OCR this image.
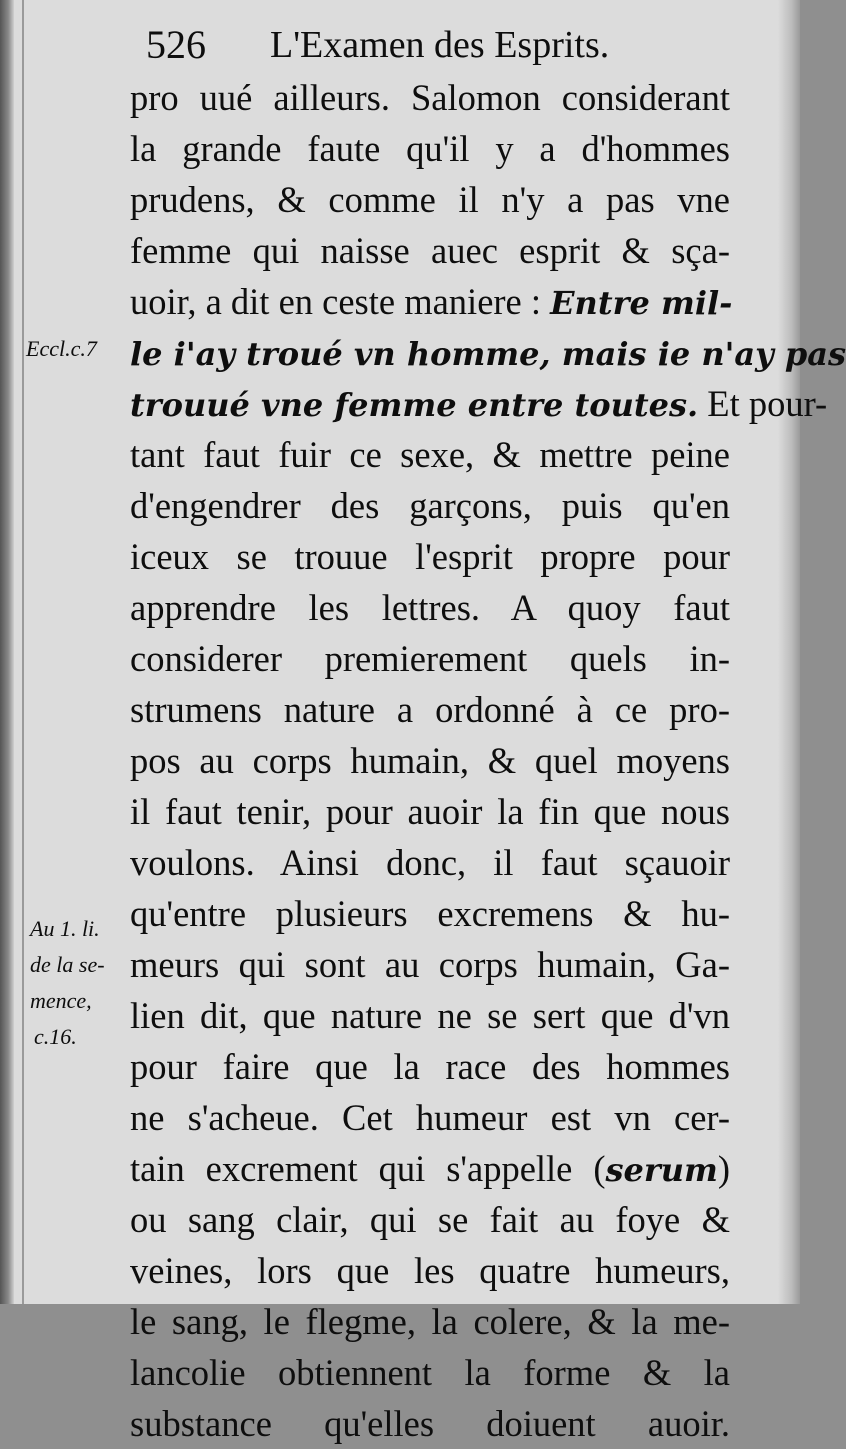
526 L'Examen des Esprits.
pro uué ailleurs. Salomon considerant
la grande faute qu'il y a d'hommes
prudens, & comme il n'y a pas vne
femme qui naisse auec esprit & sça-
uoir, a dit en ceste maniere : Entre mil-
le i'ay troué vn homme, mais ie n'ay pas
trouué vne femme entre toutes. Et pour-
tant faut fuir ce sexe, & mettre peine
d'engendrer des garçons, puis qu'en
iceux se trouue l'esprit propre pour
apprendre les lettres. A quoy faut
considerer premierement quels in-
strumens nature a ordonné à ce pro-
pos au corps humain, & quel moyens
il faut tenir, pour auoir la fin que nous
voulons. Ainsi donc, il faut sçauoir
qu'entre plusieurs excremens & hu-
meurs qui sont au corps humain, Ga-
lien dit, que nature ne se sert que d'vn
pour faire que la race des hommes
ne s'acheue. Cet humeur est vn cer-
tain excrement qui s'appelle (serum)
ou sang clair, qui se fait au foye &
veines, lors que les quatre humeurs,
le sang, le flegme, la colere, & la me-
lancolie obtiennent la forme & la
substance qu'elles doiuent auoir.
Eccl.c.7
Au 1. li.
de la se-
mence,
c.16.
